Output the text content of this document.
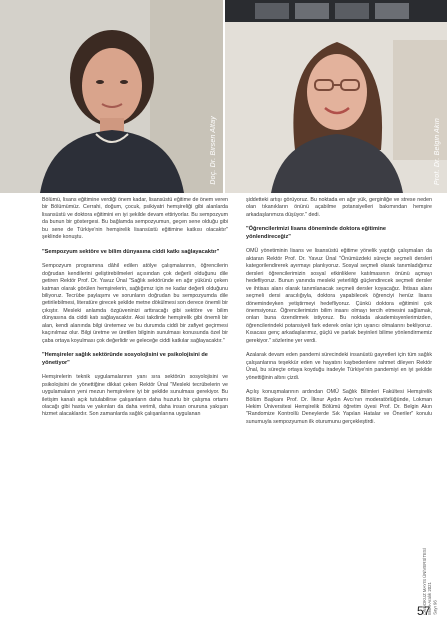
Doç. Dr. Birsen Altay	Prof. Dr. Belgin Akın

Bölümü, lisans eğitimine verdiği önem kadar, lisansüstü eğitime de önem veren bir Bölümümüz. Cerrahi, doğum, çocuk, psikiyatri hemşireliği gibi alanlarda lisansüstü ve doktora eğitimini en iyi şekilde devam ettiriyorlar. Bu sempozyum da bunun bir göstergesi. Bu bağlamda sempozyumun, geçen sene olduğu gibi bu sene de Türkiye'nin hemşirelik lisansüstü eğitimine katkısı olacaktır" şeklinde konuştu.

"Sempozyum sektöre ve bilim dünyasına ciddi katkı sağlayacaktır"

Sempozyum programına dâhil edilen atölye çalışmalarının, öğrencilerin doğrudan kendilerini geliştirebilmeleri açısından çok değerli olduğunu dile getiren Rektör Prof. Dr. Yavuz Ünal "Sağlık sektöründe en ağır yükünü çeken katman olarak görülen hemşirelerin, sağlığımız için ne kadar değerli olduğunu biliyoruz. Tecrübe paylaşımı ve sorunların doğrudan bu sempozyumda dile getirilebilmesi, literatüre girecek şekilde metne dökülmesi son derece önemli bir çıkıştır. Mesleki anlamda özgüveninizi arttıracağı gibi sektöre ve bilim dünyasına da ciddi katı sağlayacaktır. Aksi takdirde hemşirelik gibi önemli bir alan, kendi alanında bilgi üretemez ve bu durumda ciddi bir zafiyet geçirmesi kaçınılmaz olur. Bilgi üretme ve üretilen bilginin sunulması konusunda özel bir çaba ortaya koyulması çok değerlidir ve geleceğe ciddi katkılar sağlayacaktır."

"Hemşireler sağlık sektöründe sosyolojisini ve psikolojisini de yönetiyor"

Hemşirelerin teknik uygulamalarının yanı sıra sektörün sosyolojisini ve psikolojisini de yönettiğine dikkat çeken Rektör Ünal "Mesleki tecrübelerin ve uygulamaların yeni mezun hemşirelere iyi bir şekilde sunulması gerekiyor. Bu iletişim kanalı açık tutulabilirse çalışanların daha huzurlu bir çalışma ortamı olacağı gibi hasta ve yakınları da daha verimli, daha insan onuruna yakışan hizmet alacaklardır. Son zamanlarda sağlık çalışanlarına uygulanan

şiddetteki artışı görüyoruz. Bu noktada en ağır yük, gerginliğe ve strese neden olan tıkanıkların önünü açabilme potansiyelleri bakımından hemşire arkadaşlarımıza düşüyor." dedi.

"Öğrencilerimizi lisans döneminde doktora eğitimine yönlendireceğiz"

OMÜ yönetiminin lisans ve lisansüstü eğitime yönelik yaptığı çalışmaları da aktaran Rektör Prof. Dr. Yavuz Ünal "Önümüzdeki süreçte seçmeli dersleri kategorilendirerek ayırmayı planlıyoruz. Sosyal seçmeli olarak tanımladığımız dersleri öğrencilerimizin sosyal etkinliklere katılmasının önünü açmayı hedefliyoruz. Bunun yanında mesleki yeterliliği güçlendirecek seçmeli dersler ve ihtisas alanı olarak tanımlanacak seçmeli dersler koyacağız. İhtisas alanı seçmeli dersi aracılığıyla, doktora yapabilecek öğrenciyi henüz lisans dönemindeyken yetiştirmeyi hedefliyoruz. Çünkü doktora eğitimini çok önemsiyoruz. Öğrencilerimizin bilim insanı olmayı tercih etmesini sağlamak, onları buna özendirmek istiyoruz. Bu noktada akademisyenlerimizden, öğrencilerindeki potansiyeli fark ederek onlar için uyarıcı olmalarını bekliyoruz. Kısacası genç arkadaşlarımız, güçlü ve parlak beyinleri bilime yönlendirmemiz gerekiyor." sözlerine yer verdi.

Azalarak devam eden pandemi sürecindeki insanüstü gayretleri için tüm sağlık çalışanlarına teşekkür eden ve hayatını kaybedenlere rahmet dileyen Rektör Ünal, bu süreçte ortaya koyduğu iradeyle Türkiye'nin pandemiyi en iyi şekilde yönettiğinin altını çizdi.

Açılış konuşmalarının ardından OMÜ Sağlık Bilimleri Fakültesi Hemşirelik Bölüm Başkanı Prof. Dr. İlknur Aydın Avcı'nın moderatörlüğünde, Lokman Hekim Üniversitesi Hemşirelik Bölümü öğretim üyesi Prof. Dr. Belgin Akın "Randomize Kontrollü Deneylerde Sık Yapılan Hatalar ve Öneriler" konulu sunumuyla sempozyumun ilk oturumunu gerçekleştirdi.

ONDOKUZ MAYIS ÜNİVERSİTESİ Ekim-Aralık 2021 Sayı 96
57
